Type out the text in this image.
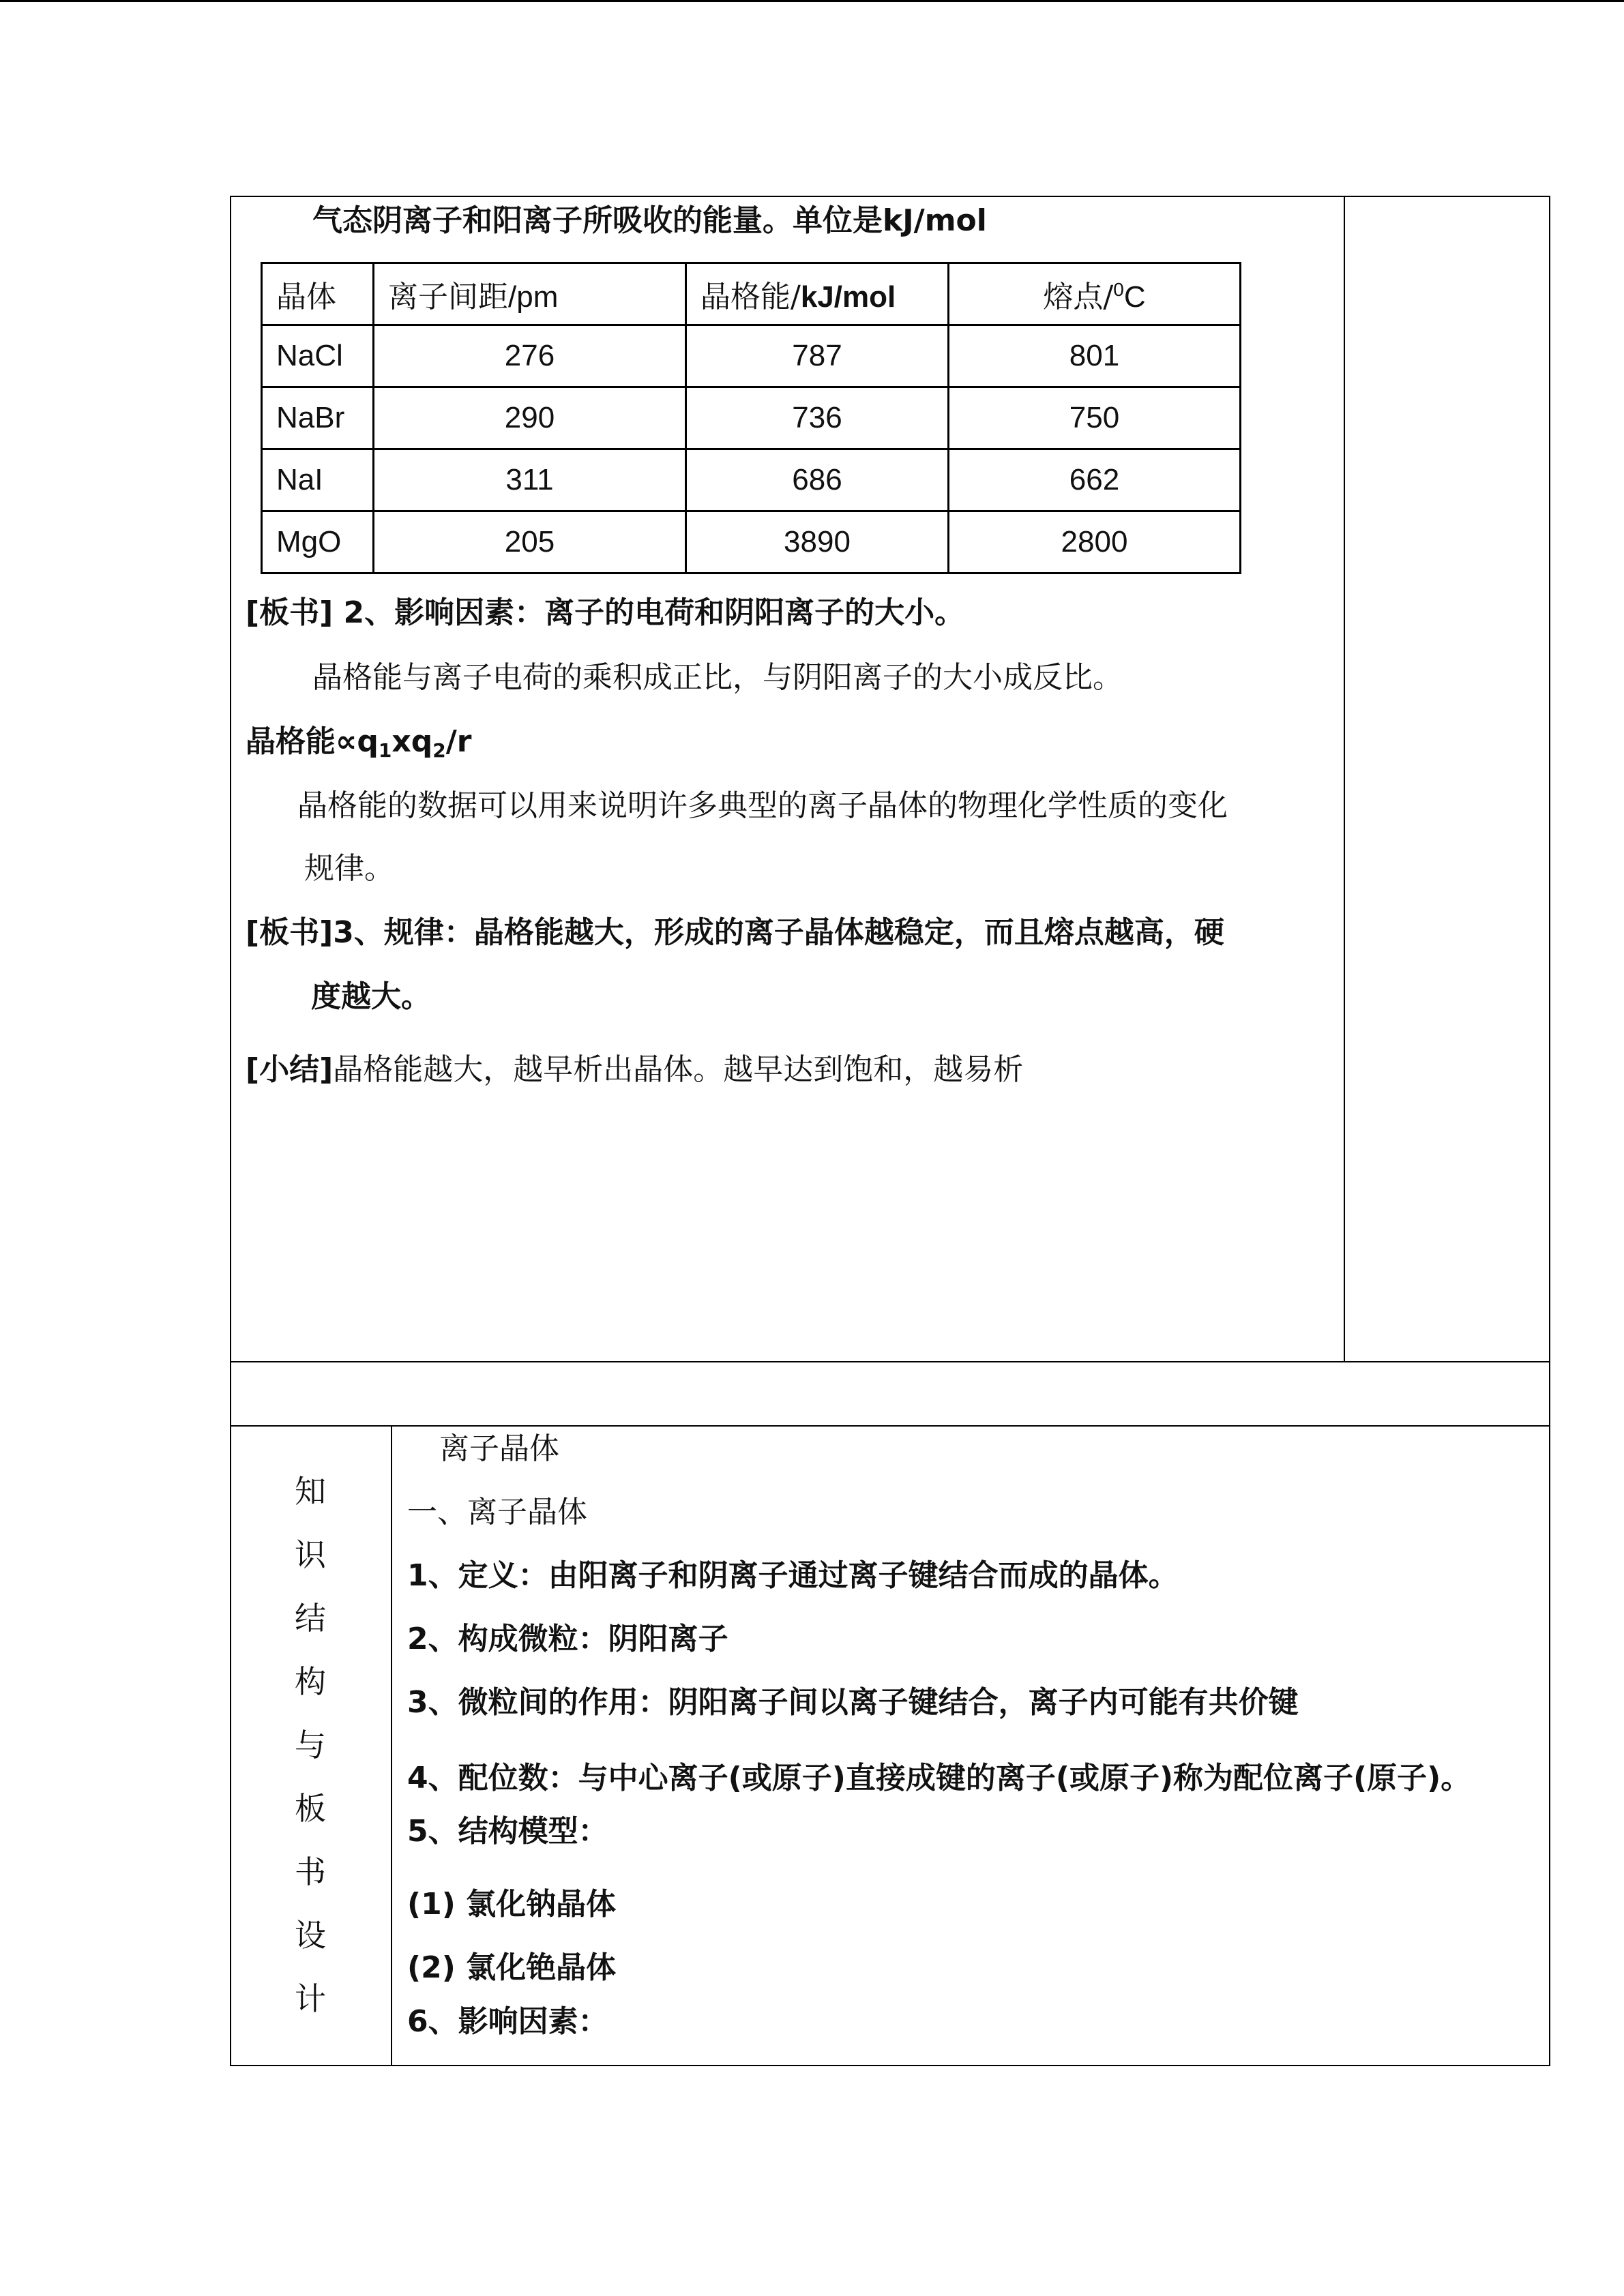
气态阴离子和阳离子所吸收的能量。单位是kJ/mol
晶体	离子间距/pm	晶格能/kJ/mol	熔点/$^0$C
NaCl	276	787	801
NaBr	290	736	750
NaI	311	686	662
MgO	205	3890	2800
[板书] 2、影响因素：离子的电荷和阴阳离子的大小。
晶格能与离子电荷的乘积成正比，与阴阳离子的大小成反比。
晶格能$\propto q_1xq_2/r$
晶格能的数据可以用来说明许多典型的离子晶体的物理化学性质的变化
规律。
[板书]3、规律：晶格能越大，形成的离子晶体越稳定，而且熔点越高，硬
度越大。
[小结]晶格能越大，越早析出晶体。越早达到饱和，越易析
知
识
结
构
与
板
书
设
计
离子晶体
一、离子晶体
1、定义：由阳离子和阴离子通过离子键结合而成的晶体。
2、构成微粒：阴阳离子
3、微粒间的作用：阴阳离子间以离子键结合，离子内可能有共价键
4、配位数：与中心离子(或原子)直接成键的离子(或原子)称为配位离子(原子)。
5、结构模型：
(1) 氯化钠晶体
(2) 氯化铯晶体
6、影响因素：
